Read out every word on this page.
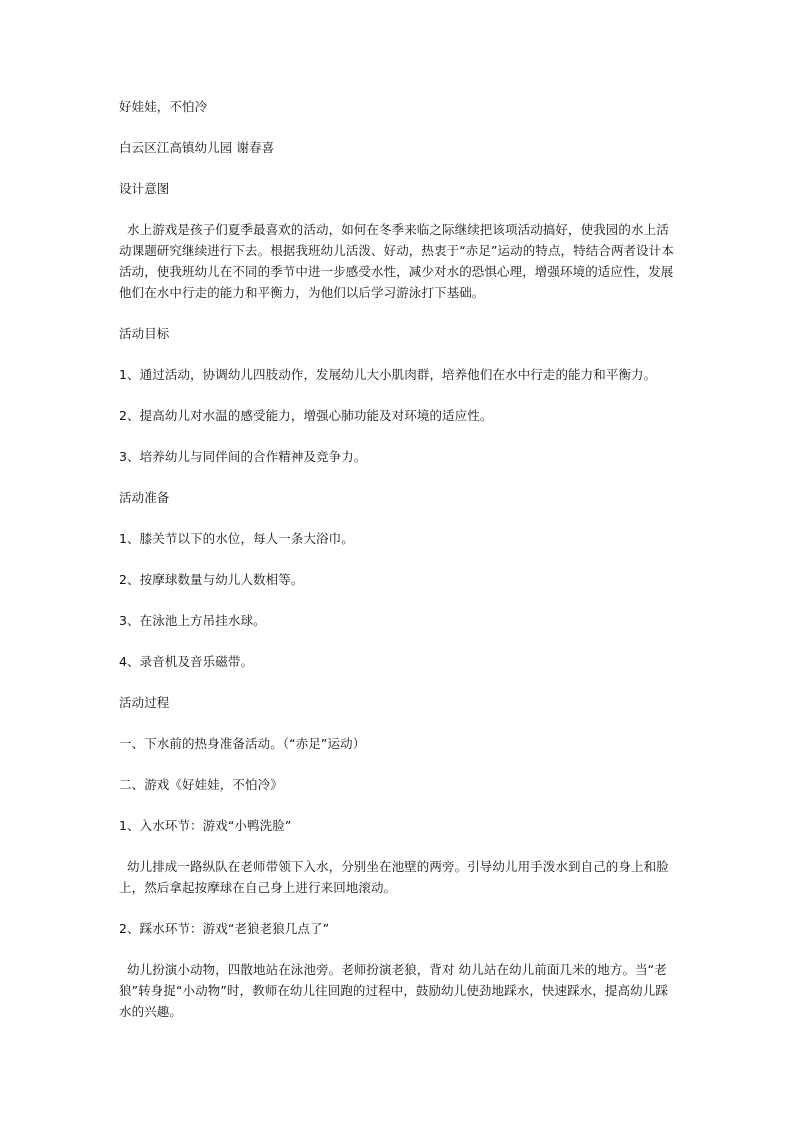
好娃娃，不怕冷

白云区江高镇幼儿园 谢春喜

设计意图

水上游戏是孩子们夏季最喜欢的活动，如何在冬季来临之际继续把该项活动搞好，使我园的水上活动课题研究继续进行下去。根据我班幼儿活泼、好动，热衷于“赤足”运动的特点，特结合两者设计本活动，使我班幼儿在不同的季节中进一步感受水性，减少对水的恐惧心理，增强环境的适应性，发展他们在水中行走的能力和平衡力，为他们以后学习游泳打下基础。

活动目标

1、通过活动，协调幼儿四肢动作，发展幼儿大小肌肉群，培养他们在水中行走的能力和平衡力。

2、提高幼儿对水温的感受能力，增强心肺功能及对环境的适应性。

3、培养幼儿与同伴间的合作精神及竞争力。

活动准备

1、膝关节以下的水位，每人一条大浴巾。

2、按摩球数量与幼儿人数相等。

3、在泳池上方吊挂水球。

4、录音机及音乐磁带。

活动过程

一、下水前的热身准备活动。（“赤足”运动）

二、游戏《好娃娃，不怕冷》

1、入水环节：游戏“小鸭洗脸”

幼儿排成一路纵队在老师带领下入水，分别坐在池壁的两旁。引导幼儿用手泼水到自己的身上和脸上，然后拿起按摩球在自己身上进行来回地滚动。

2、踩水环节：游戏“老狼老狼几点了”

幼儿扮演小动物，四散地站在泳池旁。老师扮演老狼，背对 幼儿站在幼儿前面几米的地方。当“老狼”转身捉“小动物”时，教师在幼儿往回跑的过程中，鼓励幼儿使劲地踩水，快速踩水，提高幼儿踩水的兴趣。
